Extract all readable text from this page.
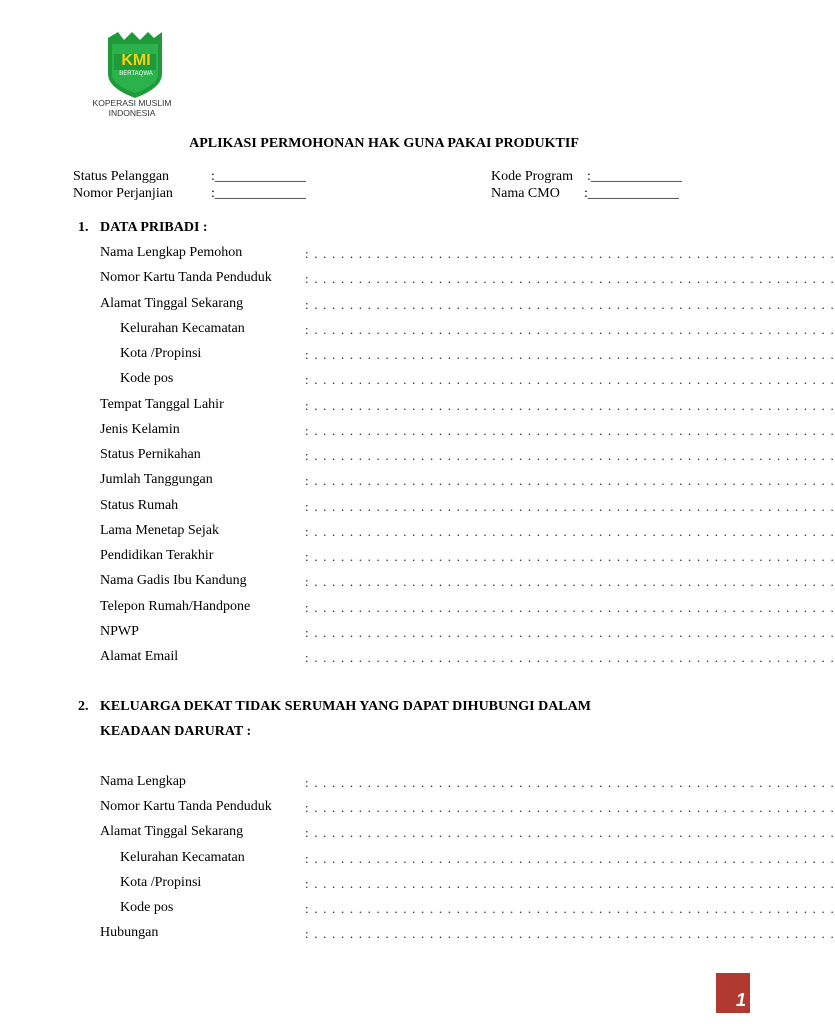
KMI
BERTAQWA
KOPERASI MUSLIM
INDONESIA
APLIKASI PERMOHONAN HAK GUNA PAKAI PRODUKTIF
Status Pelanggan	:_____________
Nomor Perjanjian	:_____________
Kode Program :_____________
Nama CMO :_____________
1. DATA PRIBADI :
Nama Lengkap Pemohon	: . . . . . . . . . . . . . . . . . . . . . . . . . . . . . . . . . . . . . . . . . . . . . . . . . . . . . . . . . . .
Nomor Kartu Tanda Penduduk	: . . . . . . . . . . . . . . . . . . . . . . . . . . . . . . . . . . . . . . . . . . . . . . . . . . . . . . . . . . .
Alamat Tinggal Sekarang	: . . . . . . . . . . . . . . . . . . . . . . . . . . . . . . . . . . . . . . . . . . . . . . . . . . . . . . . . . . .
Kelurahan Kecamatan	: . . . . . . . . . . . . . . . . . . . . . . . . . . . . . . . . . . . . . . . . . . . . . . . . . . . . . . . . . . .
Kota /Propinsi	: . . . . . . . . . . . . . . . . . . . . . . . . . . . . . . . . . . . . . . . . . . . . . . . . . . . . . . . . . . .
Kode pos	: . . . . . . . . . . . . . . . . . . . . . . . . . . . . . . . . . . . . . . . . . . . . . . . . . . . . . . . . . . .
Tempat Tanggal Lahir	: . . . . . . . . . . . . . . . . . . . . . . . . . . . . . . . . . . . . . . . . . . . . . . . . . . . . . . . . . . .
Jenis Kelamin	: . . . . . . . . . . . . . . . . . . . . . . . . . . . . . . . . . . . . . . . . . . . . . . . . . . . . . . . . . . .
Status Pernikahan	: . . . . . . . . . . . . . . . . . . . . . . . . . . . . . . . . . . . . . . . . . . . . . . . . . . . . . . . . . . .
Jumlah Tanggungan	: . . . . . . . . . . . . . . . . . . . . . . . . . . . . . . . . . . . . . . . . . . . . . . . . . . . . . . . . . . .
Status Rumah	: . . . . . . . . . . . . . . . . . . . . . . . . . . . . . . . . . . . . . . . . . . . . . . . . . . . . . . . . . . .
Lama Menetap Sejak	: . . . . . . . . . . . . . . . . . . . . . . . . . . . . . . . . . . . . . . . . . . . . . . . . . . . . . . . . . . .
Pendidikan Terakhir	: . . . . . . . . . . . . . . . . . . . . . . . . . . . . . . . . . . . . . . . . . . . . . . . . . . . . . . . . . . .
Nama Gadis Ibu Kandung	: . . . . . . . . . . . . . . . . . . . . . . . . . . . . . . . . . . . . . . . . . . . . . . . . . . . . . . . . . . .
Telepon Rumah/Handpone	: . . . . . . . . . . . . . . . . . . . . . . . . . . . . . . . . . . . . . . . . . . . . . . . . . . . . . . . . . . .
NPWP	: . . . . . . . . . . . . . . . . . . . . . . . . . . . . . . . . . . . . . . . . . . . . . . . . . . . . . . . . . . .
Alamat Email	: . . . . . . . . . . . . . . . . . . . . . . . . . . . . . . . . . . . . . . . . . . . . . . . . . . . . . . . . . . .
2. KELUARGA DEKAT TIDAK SERUMAH YANG DAPAT DIHUBUNGI DALAM
KEADAAN DARURAT :
Nama Lengkap	: . . . . . . . . . . . . . . . . . . . . . . . . . . . . . . . . . . . . . . . . . . . . . . . . . . . . . . . . . . .
Nomor Kartu Tanda Penduduk	: . . . . . . . . . . . . . . . . . . . . . . . . . . . . . . . . . . . . . . . . . . . . . . . . . . . . . . . . . . .
Alamat Tinggal Sekarang	: . . . . . . . . . . . . . . . . . . . . . . . . . . . . . . . . . . . . . . . . . . . . . . . . . . . . . . . . . . .
Kelurahan Kecamatan	: . . . . . . . . . . . . . . . . . . . . . . . . . . . . . . . . . . . . . . . . . . . . . . . . . . . . . . . . . . .
Kota /Propinsi	: . . . . . . . . . . . . . . . . . . . . . . . . . . . . . . . . . . . . . . . . . . . . . . . . . . . . . . . . . . .
Kode pos	: . . . . . . . . . . . . . . . . . . . . . . . . . . . . . . . . . . . . . . . . . . . . . . . . . . . . . . . . . . .
Hubungan	: . . . . . . . . . . . . . . . . . . . . . . . . . . . . . . . . . . . . . . . . . . . . . . . . . . . . . . . . . . .
1
